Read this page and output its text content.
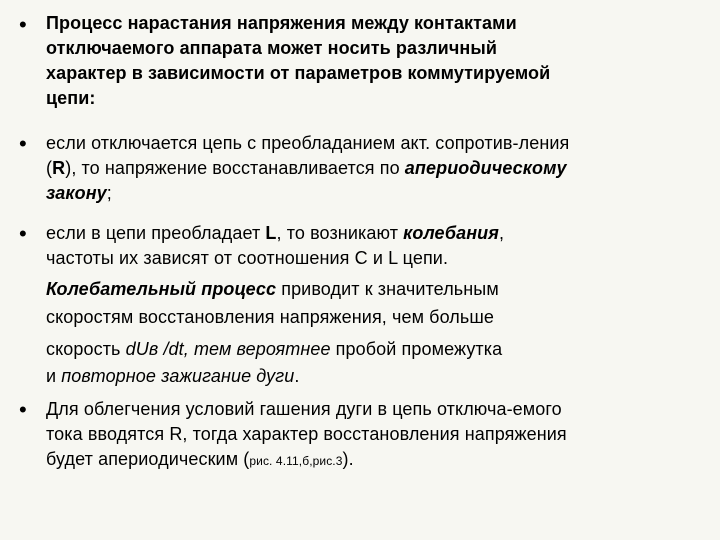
• Процесс нарастания напряжения между контактами
отключаемого аппарата может носить различный
характер в зависимости от параметров коммутируемой
цепи:
• если отключается цепь с преобладанием акт. сопротив-ления
(R), то напряжение восстанавливается по апериодическому
закону;
• если в цепи преобладает L, то возникают колебания,
частоты их зависят от соотношения С и L цепи.
Колебательный процесс приводит к значительным
скоростям восстановления напряжения, чем больше
скорость dUв /dt, тем вероятнее пробой промежутка
и повторное зажигание дуги.
• Для облегчения условий гашения дуги в цепь отключа-емого
тока вводятся R, тогда характер восстановления напряжения
будет апериодическим (рис. 4.11,б,рис.3).
